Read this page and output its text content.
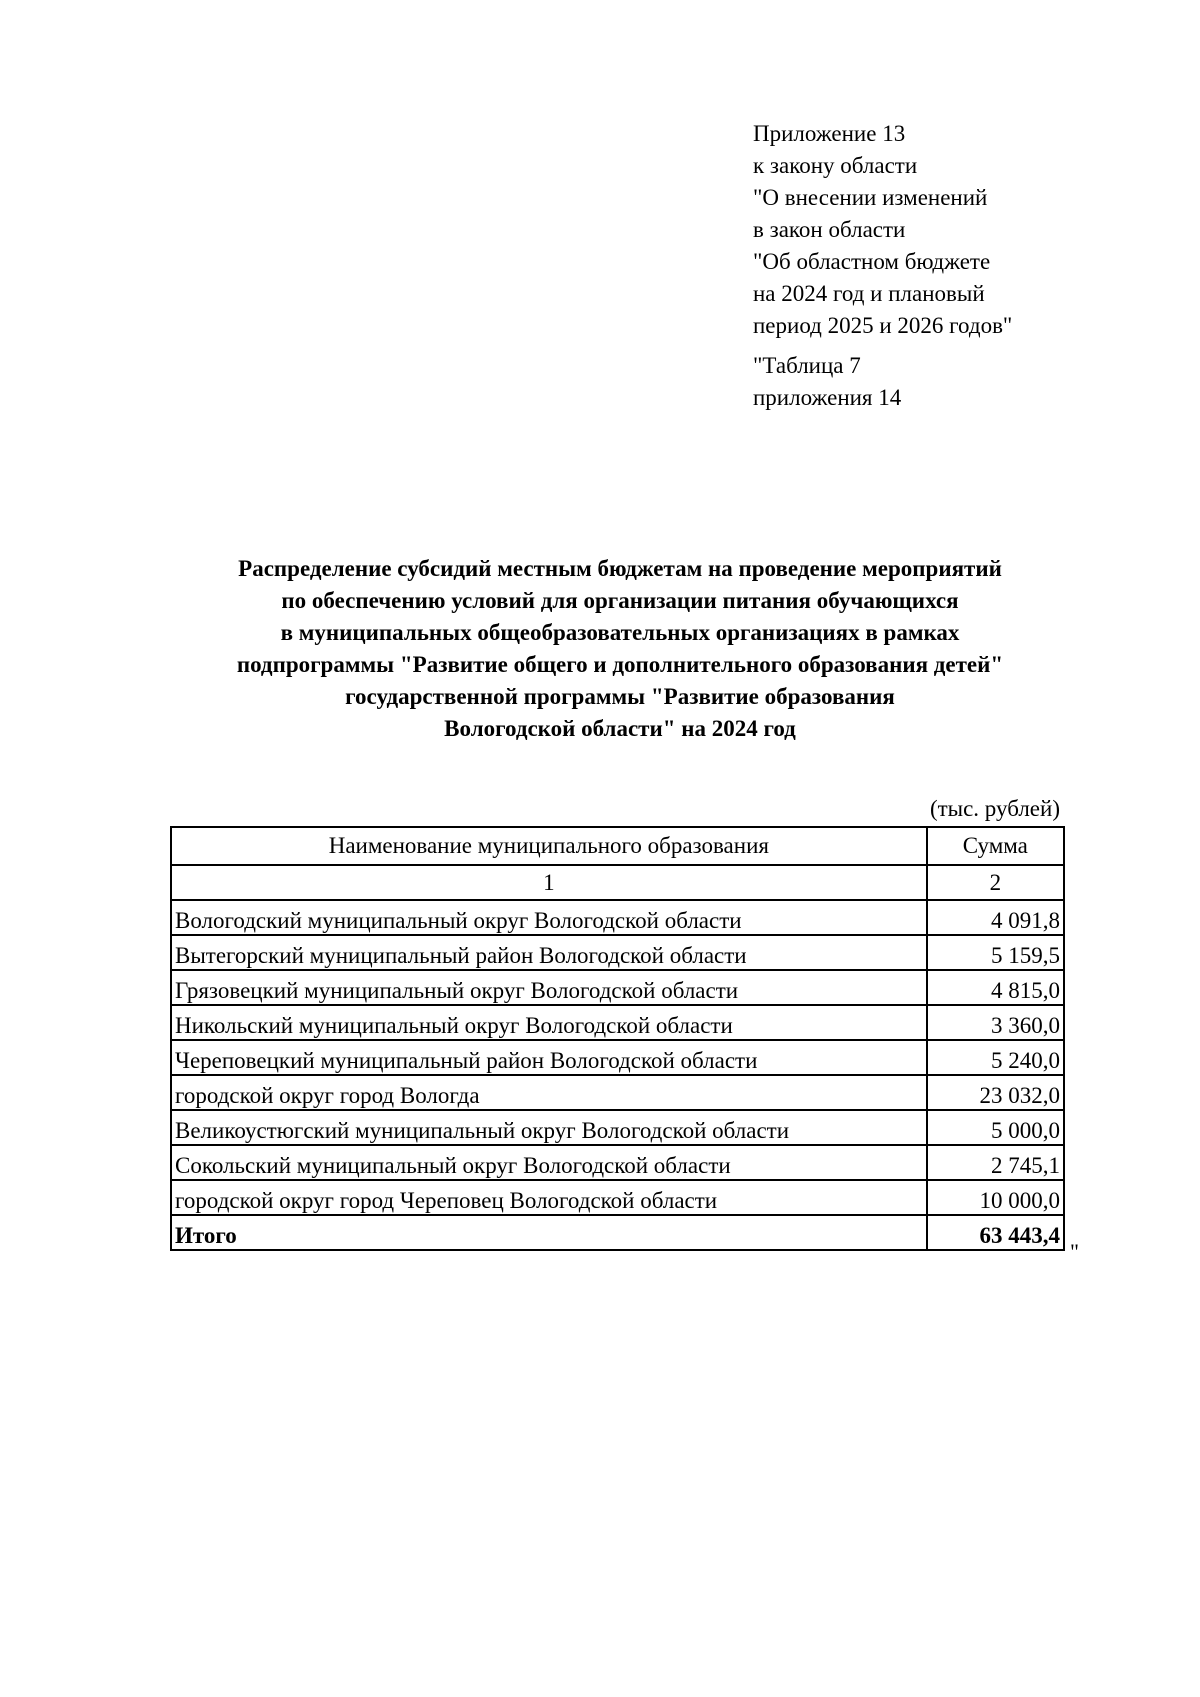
Приложение 13
к закону области
"О внесении изменений
в закон области
"Об областном бюджете
на 2024 год и плановый
период 2025 и 2026 годов"
"Таблица 7
приложения 14
Распределение субсидий местным бюджетам на проведение мероприятий
по обеспечению условий для организации питания обучающихся
в муниципальных общеобразовательных организациях в рамках
подпрограммы "Развитие общего и дополнительного образования детей"
государственной программы "Развитие образования
Вологодской области" на 2024 год
(тыс. рублей)
Наименование муниципального образования	Сумма
1	2
Вологодский муниципальный округ Вологодской области	4 091,8
Вытегорский муниципальный район Вологодской области	5 159,5
Грязовецкий муниципальный округ Вологодской области	4 815,0
Никольский муниципальный округ Вологодской области	3 360,0
Череповецкий муниципальный район Вологодской области	5 240,0
городской округ город Вологда	23 032,0
Великоустюгский муниципальный округ Вологодской области	5 000,0
Сокольский муниципальный округ Вологодской области	2 745,1
городской округ город Череповец Вологодской области	10 000,0
Итого	63 443,4
"
